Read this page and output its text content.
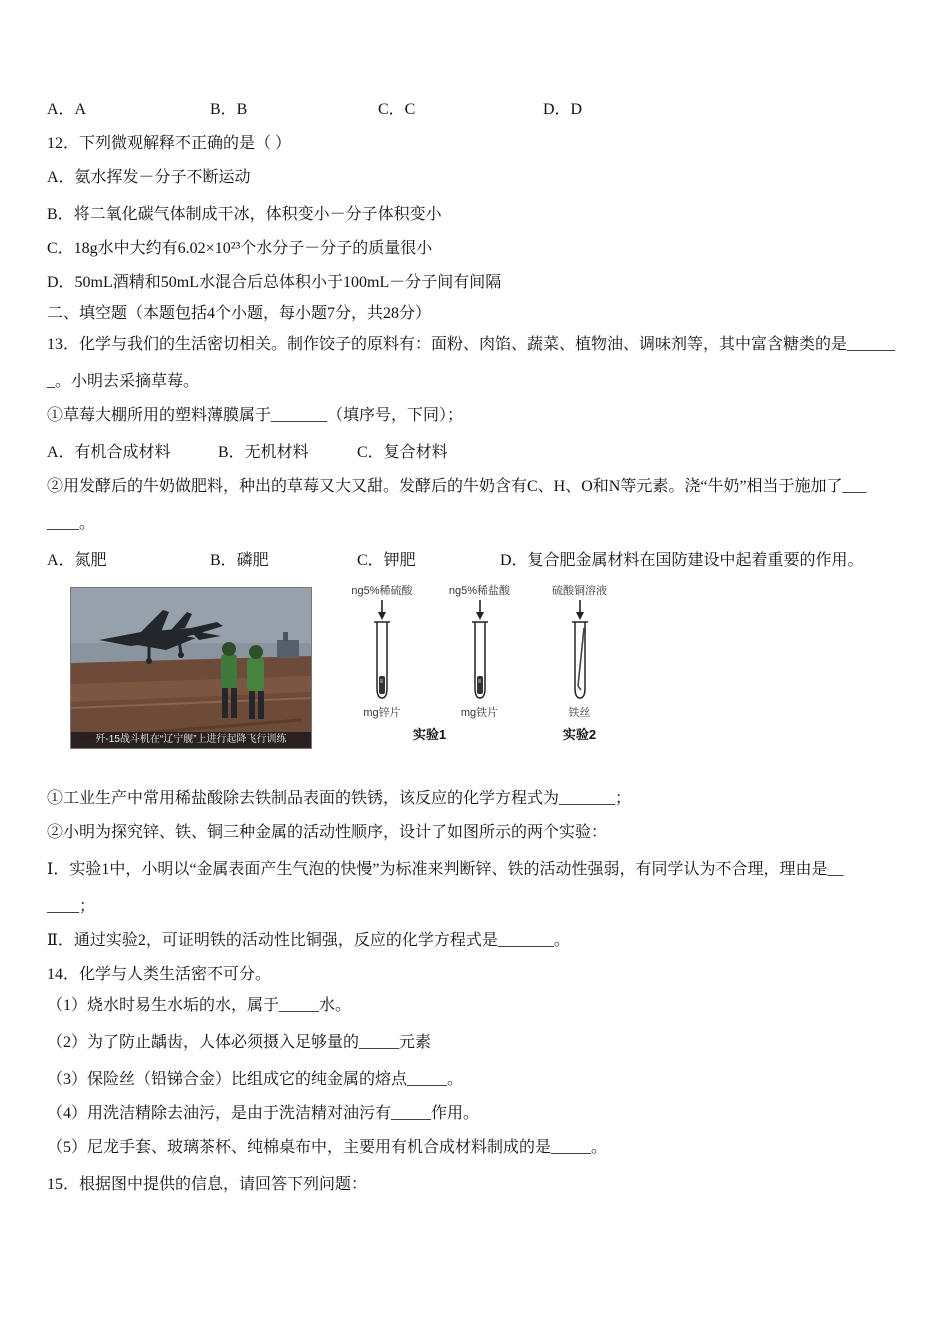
A．A	B．B	C．C	D．D
12．下列微观解释不正确的是（ ）
A．氨水挥发－分子不断运动
B．将二氧化碳气体制成干冰，体积变小－分子体积变小
C．18g水中大约有6.02×10²³个水分子－分子的质量很小
D．50mL酒精和50mL水混合后总体积小于100mL－分子间有间隔
二、填空题（本题包括4个小题，每小题7分，共28分）
13．化学与我们的生活密切相关。制作饺子的原料有：面粉、肉馅、蔬菜、植物油、调味剂等，其中富含糖类的是______
_。小明去采摘草莓。
①草莓大棚所用的塑料薄膜属于_______（填序号，下同）；
A．有机合成材料	B．无机材料	C．复合材料
②用发酵后的牛奶做肥料，种出的草莓又大又甜。发酵后的牛奶含有C、H、O和N等元素。浇“牛奶”相当于施加了___
____。
A．氮肥	B．磷肥	C．钾肥	D．复合肥金属材料在国防建设中起着重要的作用。
歼-15战斗机在“辽宁舰”上进行起降飞行训练
ng5%稀硫酸
mg锌片
ng5%稀盐酸
mg铁片
硫酸铜溶液
铁丝
实验1	实验2
①工业生产中常用稀盐酸除去铁制品表面的铁锈，该反应的化学方程式为_______；
②小明为探究锌、铁、铜三种金属的活动性顺序，设计了如图所示的两个实验：
Ⅰ．实验1中，小明以“金属表面产生气泡的快慢”为标准来判断锌、铁的活动性强弱，有同学认为不合理，理由是__
____；
Ⅱ．通过实验2，可证明铁的活动性比铜强，反应的化学方程式是_______。
14．化学与人类生活密不可分。
（1）烧水时易生水垢的水，属于_____水。
（2）为了防止龋齿，人体必须摄入足够量的_____元素
（3）保险丝（铅锑合金）比组成它的纯金属的熔点_____。
（4）用洗洁精除去油污，是由于洗洁精对油污有_____作用。
（5）尼龙手套、玻璃茶杯、纯棉桌布中，主要用有机合成材料制成的是_____。
15．根据图中提供的信息，请回答下列问题：
